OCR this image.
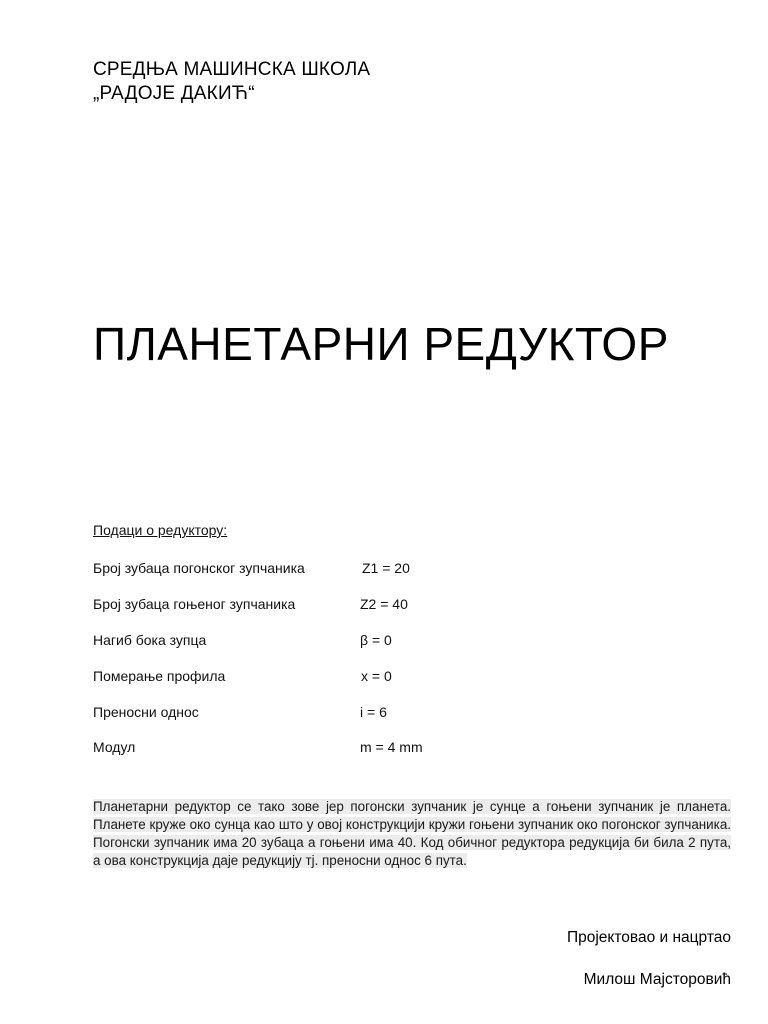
СРЕДЊА МАШИНСКА ШКОЛА
„РАДОЈЕ ДАКИЋ“
ПЛАНЕТАРНИ РЕДУКТОР
Подаци о редуктору:
Број зубаца погонског зупчаника	Z1 = 20
Број зубаца гоњеног зупчаника	Z2 = 40
Нагиб бока зупца	β = 0
Померање профила	x = 0
Преносни однос	i = 6
Модул	m = 4 mm
Планетарни редуктор се тако зове јер погонски зупчаник је сунце а гоњени зупчаник је планета. Планете круже око сунца као што у овој конструкцији кружи гоњени зупчаник око погонског зупчаника. Погонски зупчаник има 20 зубаца а гоњени има 40. Код обичног редуктора редукција би била 2 пута, а ова конструкција даје редукцију тј. преносни однос 6 пута.
Пројектовао и нацртао
Милош Мајсторовић
